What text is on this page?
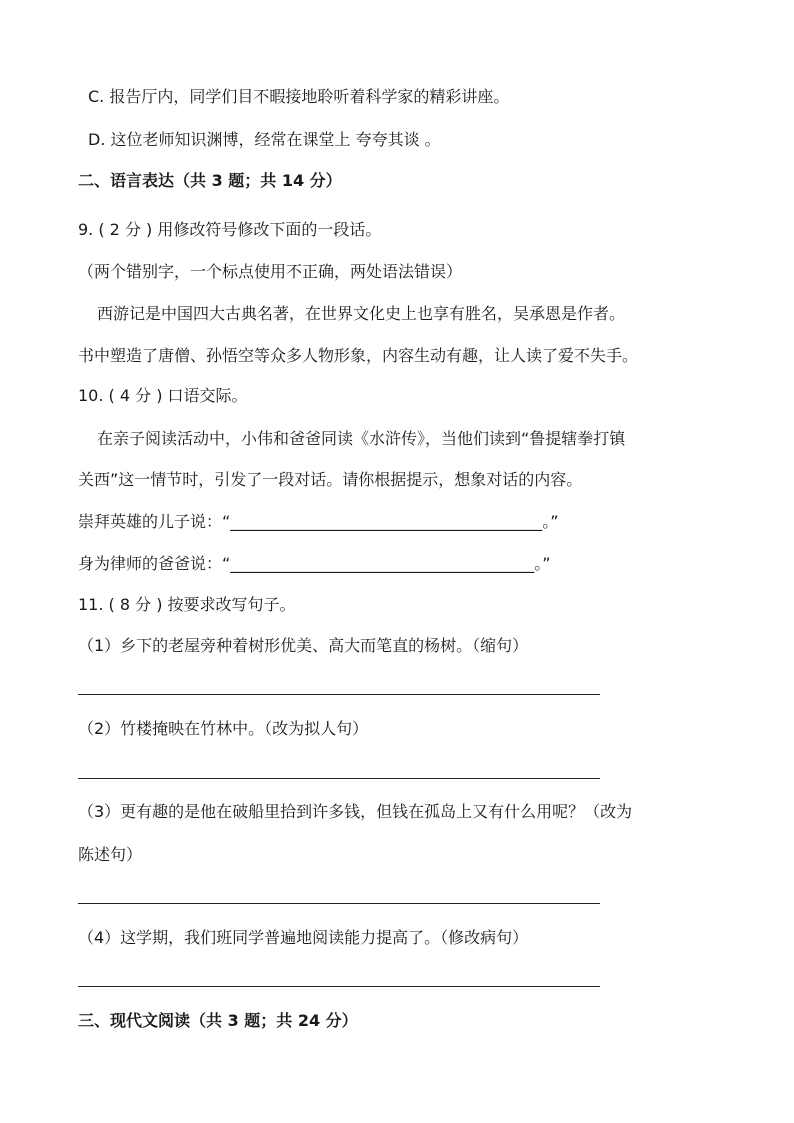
C. 报告厅内，同学们目不暇接地聆听着科学家的精彩讲座。
D. 这位老师知识渊博，经常在课堂上 夸夸其谈 。
二、语言表达（共 3 题；共 14 分）
9. ( 2 分 ) 用修改符号修改下面的一段话。
（两个错别字，一个标点使用不正确，两处语法错误）
西游记是中国四大古典名著，在世界文化史上也享有胜名，吴承恩是作者。
书中塑造了唐僧、孙悟空等众多人物形象，内容生动有趣，让人读了爱不失手。
10. ( 4 分 ) 口语交际。
在亲子阅读活动中，小伟和爸爸同读《水浒传》，当他们读到“鲁提辖拳打镇
关西”这一情节时，引发了一段对话。请你根据提示，想象对话的内容。
崇拜英雄的儿子说：“_______________________________________。”
身为律师的爸爸说：“______________________________________。”
11. ( 8 分 ) 按要求改写句子。
（1）乡下的老屋旁种着树形优美、高大而笔直的杨树。（缩句）
（2）竹楼掩映在竹林中。（改为拟人句）
（3）更有趣的是他在破船里拾到许多钱，但钱在孤岛上又有什么用呢？（改为
陈述句）
（4）这学期，我们班同学普遍地阅读能力提高了。（修改病句）
三、现代文阅读（共 3 题；共 24 分）
